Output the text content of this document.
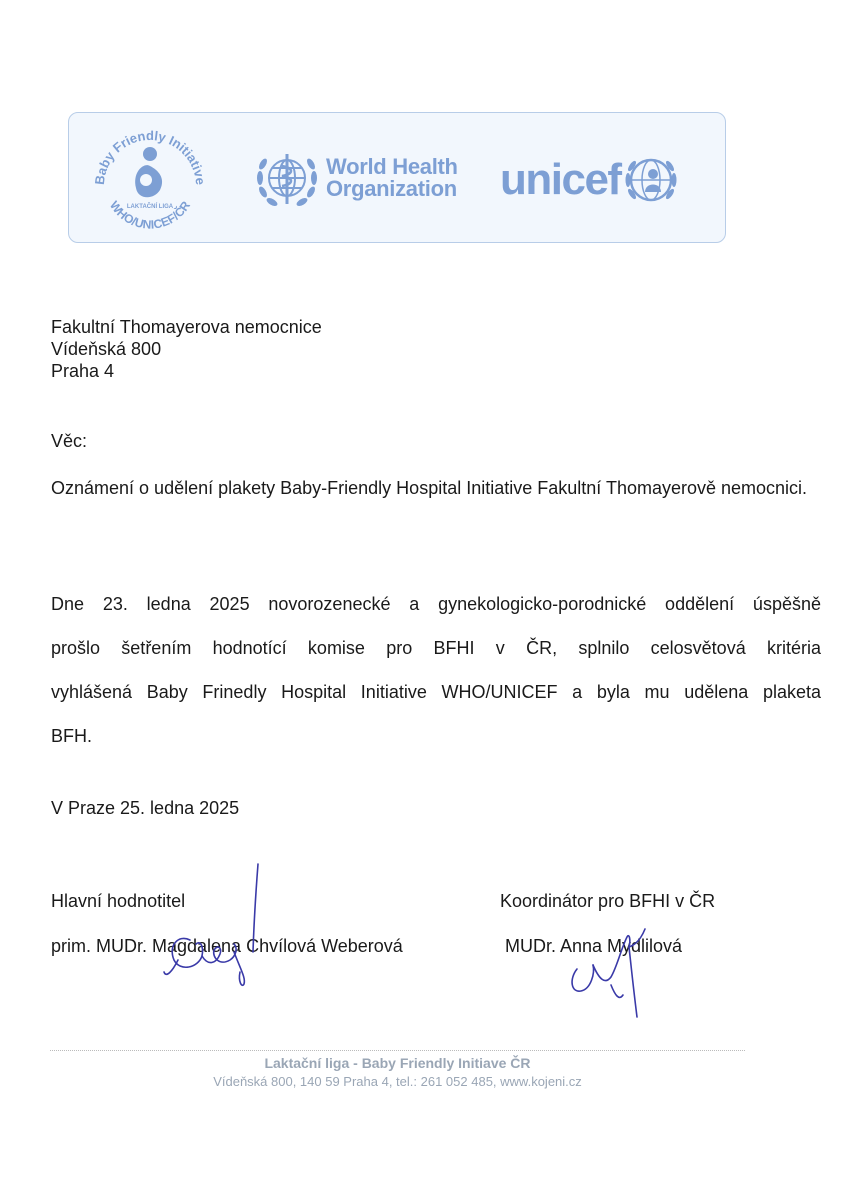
Baby Friendly Initiative
WHO/UNICEF/ČR
LAKTAČNÍ LIGA
World Health
Organization unicef
Fakultní Thomayerova nemocnice
Vídeňská 800
Praha 4
Věc:
Oznámení o udělení plakety Baby-Friendly Hospital Initiative Fakultní Thomayerově nemocnici.

Dne 23. ledna 2025 novorozenecké a gynekologicko-porodnické oddělení úspěšně

prošlo šetřením hodnotící komise pro BFHI v ČR, splnilo celosvětová kritéria

vyhlášená Baby Frinedly Hospital Initiative WHO/UNICEF a byla mu udělena plaketa

BFH.

V Praze 25. ledna 2025
Hlavní hodnotitel
prim. MUDr. Magdalena Chvílová Weberová
Koordinátor pro BFHI v ČR
MUDr. Anna Mydlilová
Laktační liga - Baby Friendly Initiave ČR
Vídeňská 800, 140 59 Praha 4, tel.: 261 052 485, www.kojeni.cz
